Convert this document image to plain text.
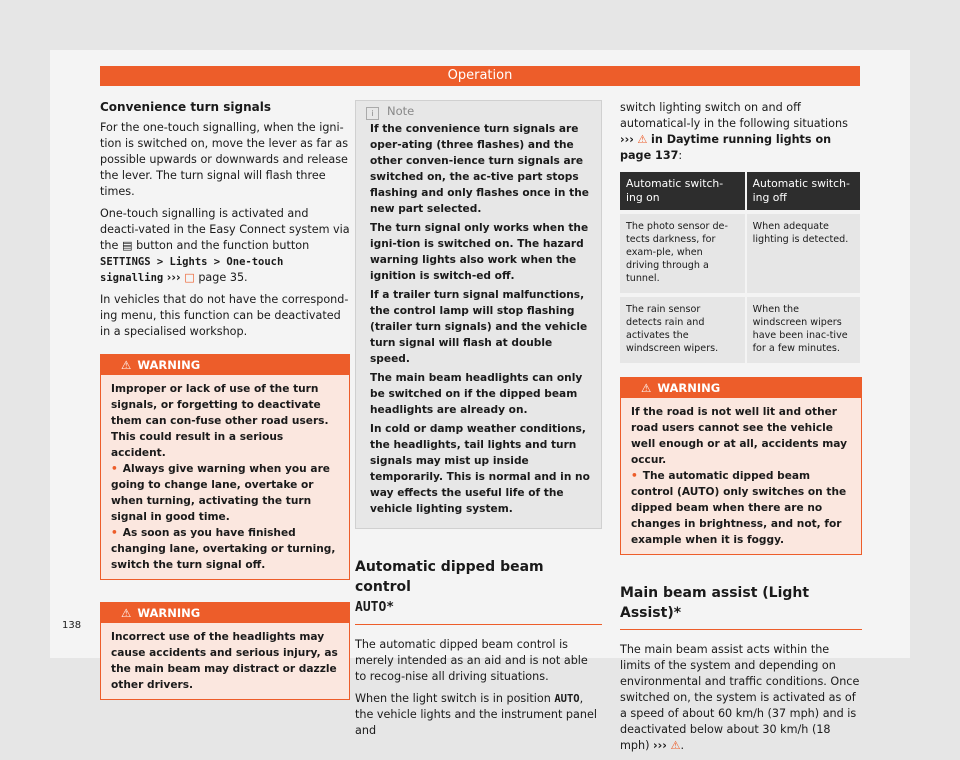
Operation
Convenience turn signals

For the one-touch signalling, when the igni-tion is switched on, move the lever as far as possible upwards or downwards and release the lever. The turn signal will flash three times.

One-touch signalling is activated and deacti-vated in the Easy Connect system via the ▤ button and the function button SETTINGS > Lights > One-touch signalling ››› □ page 35.

In vehicles that do not have the correspond-ing menu, this function can be deactivated in a specialised workshop.

⚠ WARNING
Improper or lack of use of the turn signals, or forgetting to deactivate them can con-fuse other road users. This could result in a serious accident.
• Always give warning when you are going to change lane, overtake or when turning, activating the turn signal in good time.
• As soon as you have finished changing lane, overtaking or turning, switch the turn signal off.
⚠ WARNING
Incorrect use of the headlights may cause accidents and serious injury, as the main beam may distract or dazzle other drivers.
i Note
If the convenience turn signals are oper-ating (three flashes) and the other conven-ience turn signals are switched on, the ac-tive part stops flashing and only flashes once in the new part selected.
The turn signal only works when the igni-tion is switched on. The hazard warning lights also work when the ignition is switch-ed off.
If a trailer turn signal malfunctions, the control lamp will stop flashing (trailer turn signals) and the vehicle turn signal will flash at double speed.
The main beam headlights can only be switched on if the dipped beam headlights are already on.
In cold or damp weather conditions, the headlights, tail lights and turn signals may mist up inside temporarily. This is normal and in no way effects the useful life of the vehicle lighting system.
Automatic dipped beam control
AUTO*

The automatic dipped beam control is merely intended as an aid and is not able to recog-nise all driving situations.

When the light switch is in position AUTO, the vehicle lights and the instrument panel and

switch lighting switch on and off automatical-ly in the following situations ››› ⚠ in Daytime running lights on page 137:

Automatic switch-ing on	Automatic switch-ing off
The photo sensor de-tects darkness, for exam-ple, when driving through a tunnel.	When adequate lighting is detected.
The rain sensor detects rain and activates the windscreen wipers.	When the windscreen wipers have been inac-tive for a few minutes.
⚠ WARNING
If the road is not well lit and other road users cannot see the vehicle well enough or at all, accidents may occur.
• The automatic dipped beam control (AUTO) only switches on the dipped beam when there are no changes in brightness, and not, for example when it is foggy.
Main beam assist (Light Assist)*

The main beam assist acts within the limits of the system and depending on environmental and traffic conditions. Once switched on, the system is activated as of a speed of about 60 km/h (37 mph) and is deactivated below about 30 km/h (18 mph) ››› ⚠.

138
